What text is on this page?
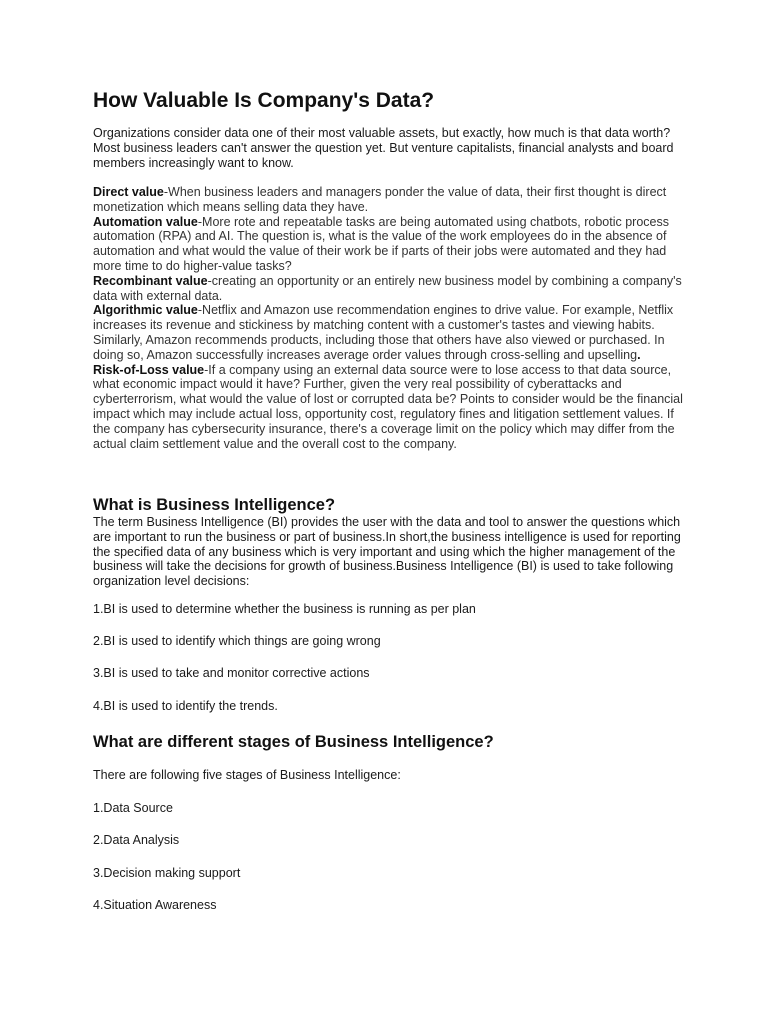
How Valuable Is Company's Data?

Organizations consider data one of their most valuable assets, but exactly, how much is that data worth? Most business leaders can't answer the question yet. But venture capitalists, financial analysts and board members increasingly want to know.

Direct value-When business leaders and managers ponder the value of data, their first thought is direct monetization which means selling data they have.

Automation value-More rote and repeatable tasks are being automated using chatbots, robotic process automation (RPA) and AI. The question is, what is the value of the work employees do in the absence of automation and what would the value of their work be if parts of their jobs were automated and they had more time to do higher-value tasks?

Recombinant value-creating an opportunity or an entirely new business model by combining a company's data with external data.

Algorithmic value-Netflix and Amazon use recommendation engines to drive value. For example, Netflix increases its revenue and stickiness by matching content with a customer's tastes and viewing habits. Similarly, Amazon recommends products, including those that others have also viewed or purchased. In doing so, Amazon successfully increases average order values through cross-selling and upselling.

Risk-of-Loss value-If a company using an external data source were to lose access to that data source, what economic impact would it have? Further, given the very real possibility of cyberattacks and cyberterrorism, what would the value of lost or corrupted data be? Points to consider would be the financial impact which may include actual loss, opportunity cost, regulatory fines and litigation settlement values. If the company has cybersecurity insurance, there's a coverage limit on the policy which may differ from the actual claim settlement value and the overall cost to the company.

What is Business Intelligence?

The term Business Intelligence (BI) provides the user with the data and tool to answer the questions which are important to run the business or part of business.In short,the business intelligence is used for reporting the specified data of any business which is very important and using which the higher management of the business will take the decisions for growth of business.Business Intelligence (BI) is used to take following organization level decisions:

1.BI is used to determine whether the business is running as per plan

2.BI is used to identify which things are going wrong

3.BI is used to take and monitor corrective actions

4.BI is used to identify the trends.

What are different stages of Business Intelligence?

There are following five stages of Business Intelligence:

1.Data Source

2.Data Analysis

3.Decision making support

4.Situation Awareness
